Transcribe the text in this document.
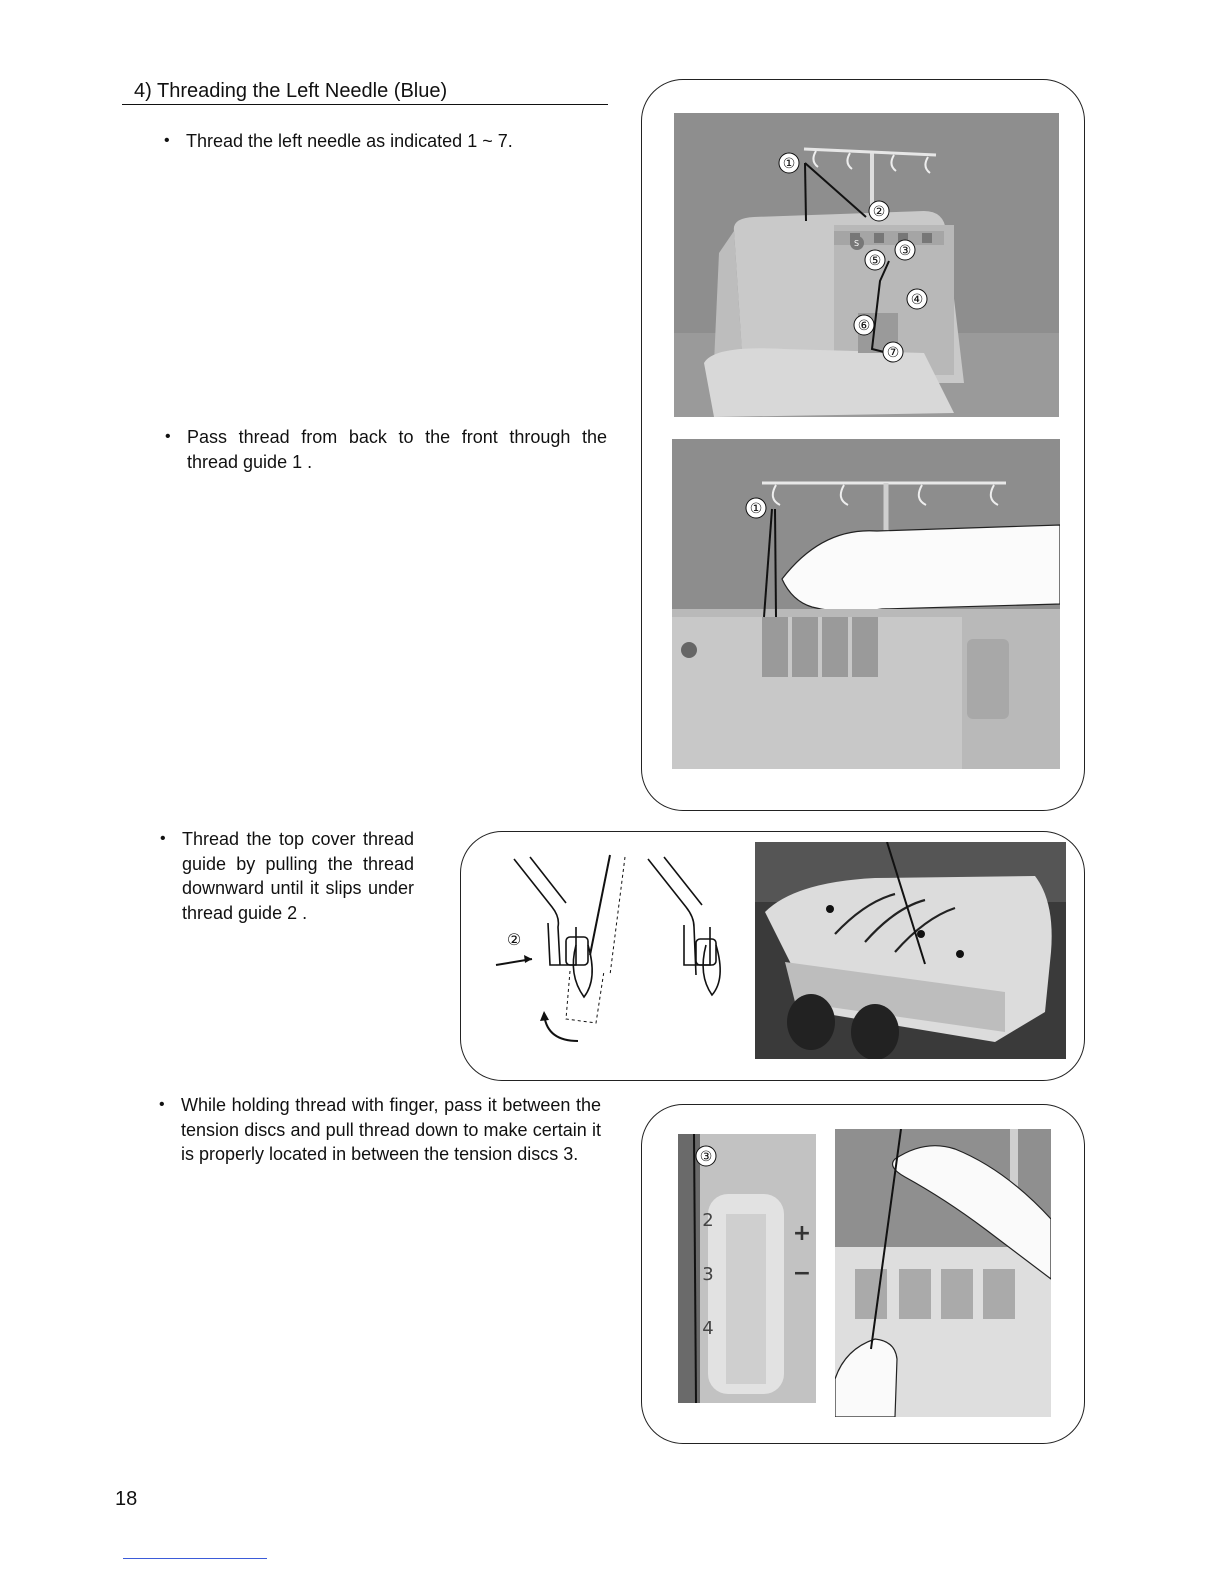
4) Threading the Left Needle (Blue)
• Thread the left needle as indicated 1 ~ 7.
• Pass thread from back to the front through the thread guide 1 .
• Thread the top cover thread guide by pulling the thread downward until it slips under thread guide 2 .
• While holding thread with finger, pass it between the tension discs and pull thread down to make certain it is properly located in between the tension discs 3.
S
①
②
③
④
⑤
⑥
⑦
①
②
2
3
4
+
−
③
18
